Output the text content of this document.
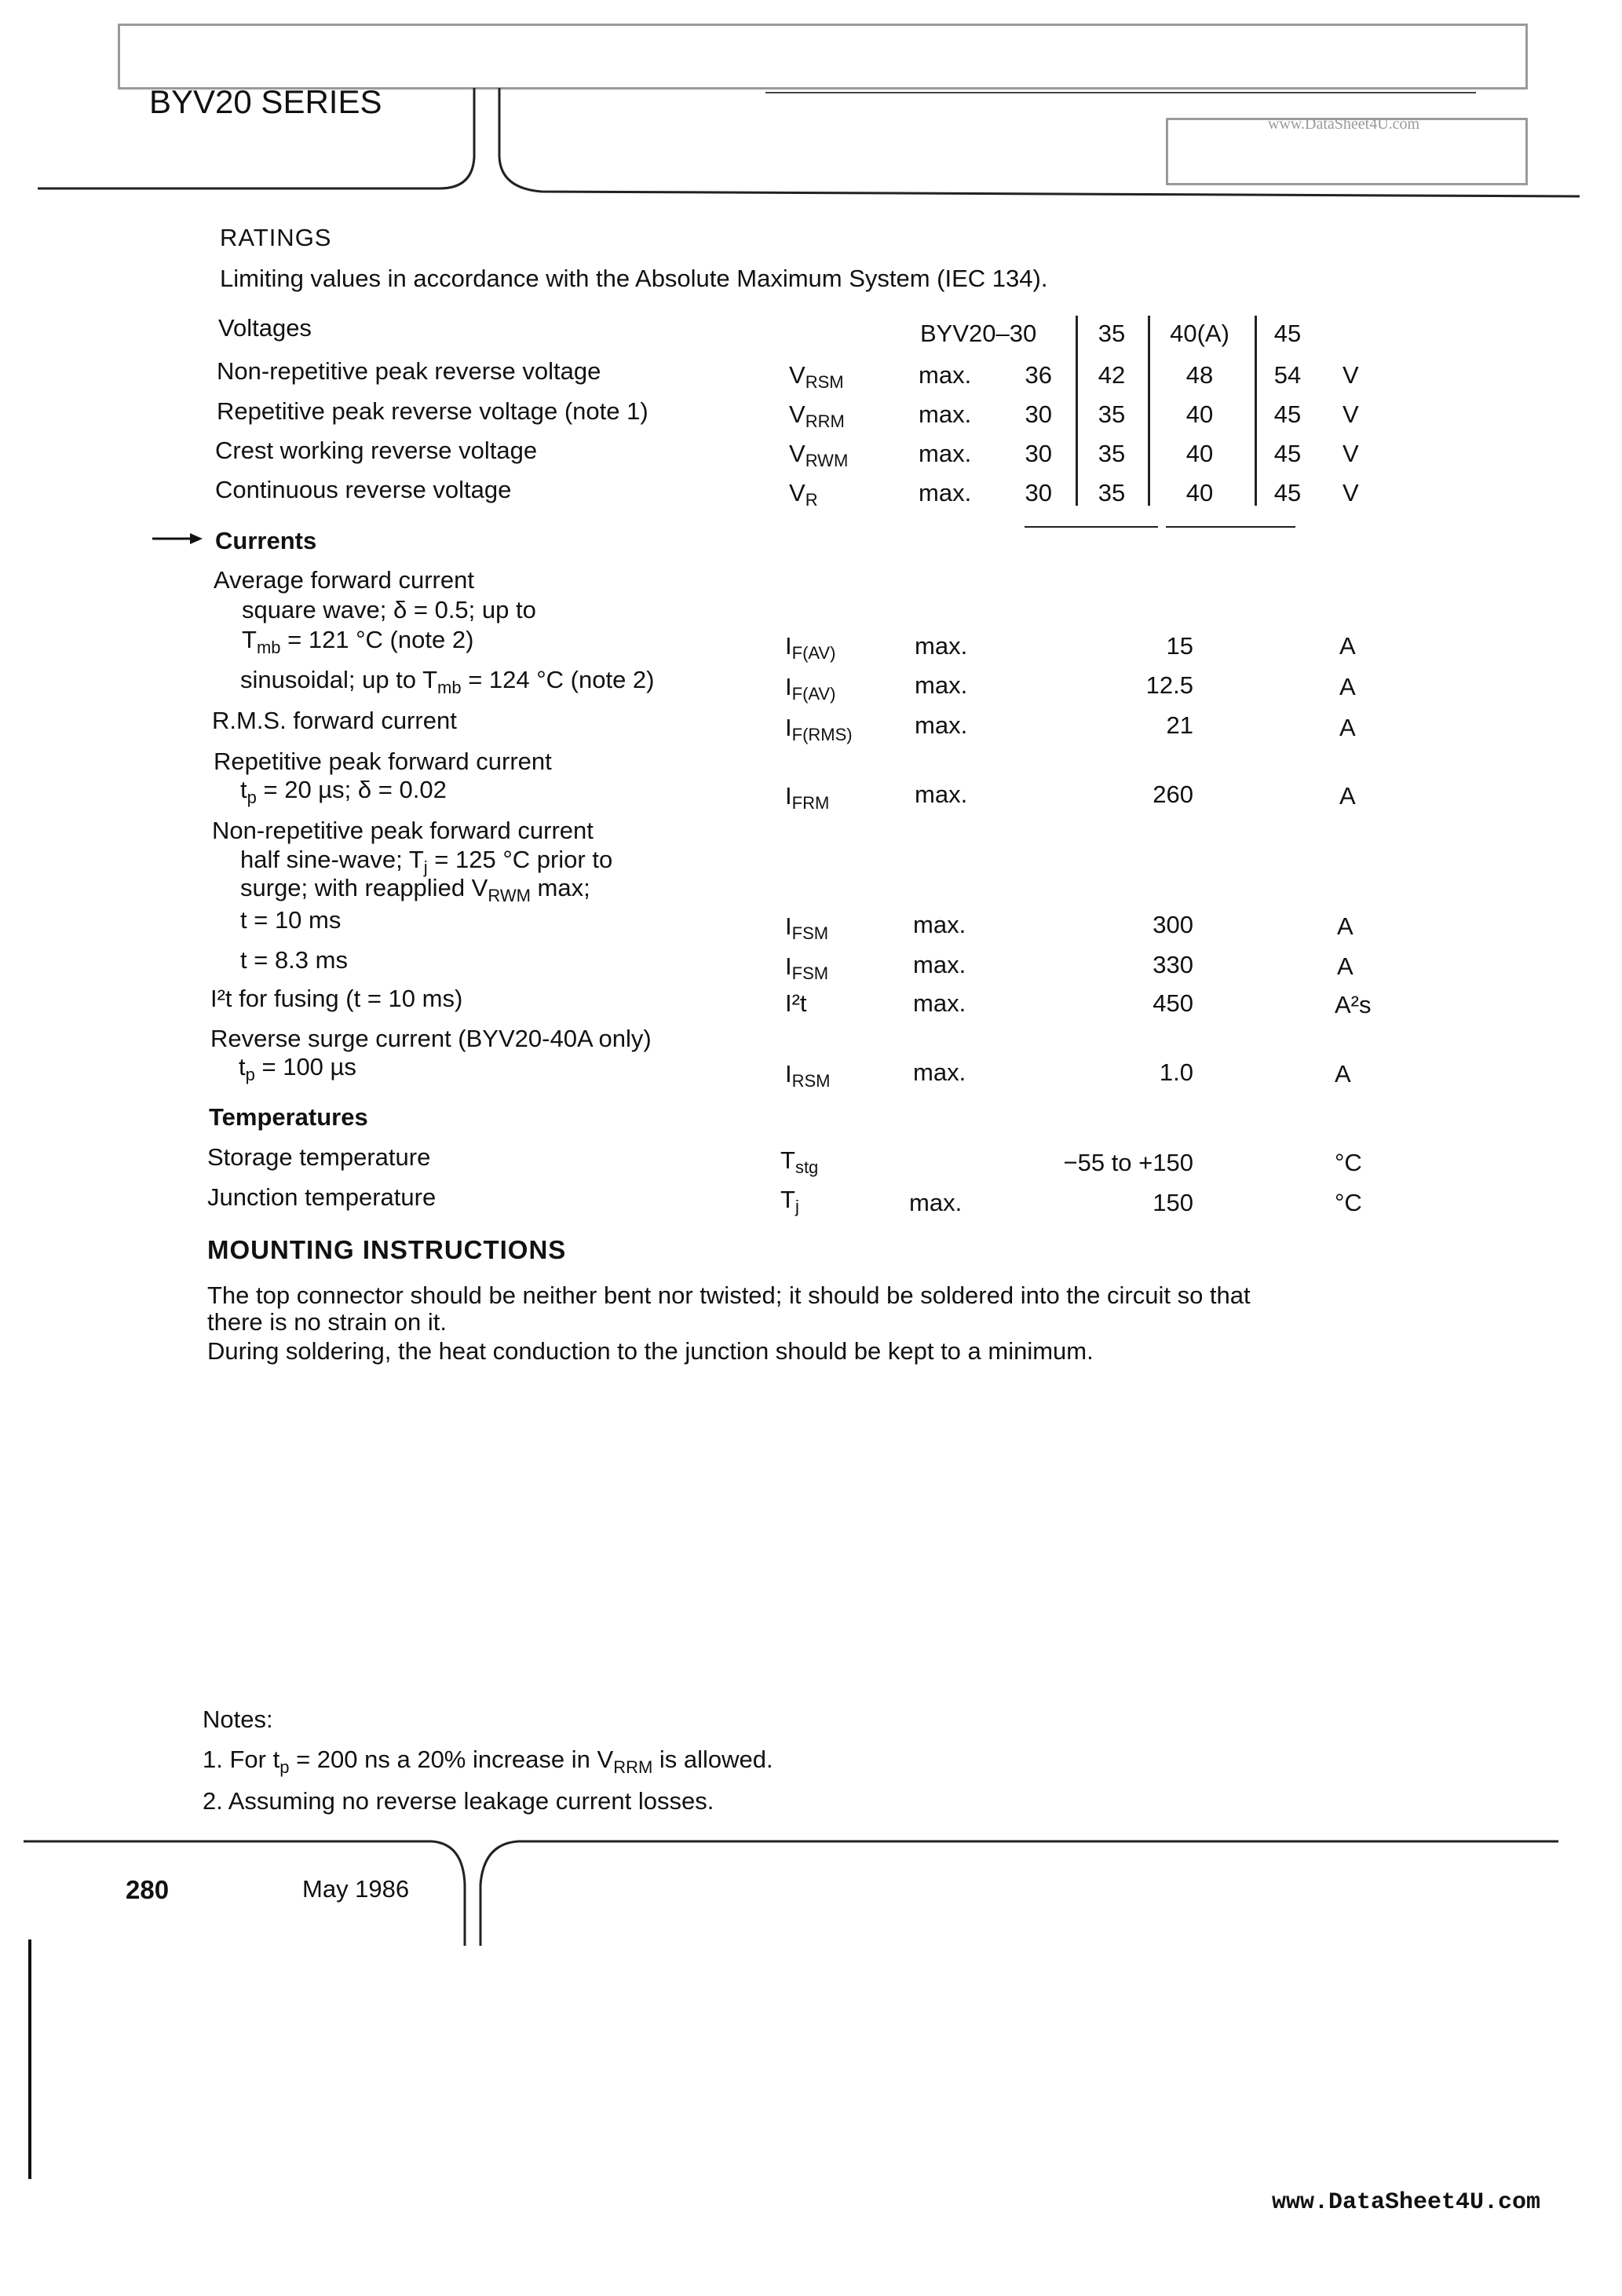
BYV20 SERIES
www.DataSheet4U.com
RATINGS
Limiting values in accordance with the Absolute Maximum System (IEC 134).
Voltages	BYV20–30	35	40(A)	45
Non-repetitive peak reverse voltage	$V_{RSM}$	max.	36	42	48	54	V
Repetitive peak reverse voltage (note 1)	$V_{RRM}$	max.	30	35	40	45	V
Crest working reverse voltage	$V_{RWM}$	max.	30	35	40	45	V
Continuous reverse voltage	$V_R$	max.	30	35	40	45	V
Currents
Average forward current
square wave; δ = 0.5; up to
$T_{mb} = 121$ °C (note 2)	$I_{F(AV)}$	max.	15	A
sinusoidal; up to $T_{mb} = 124$ °C (note 2)	$I_{F(AV)}$	max.	12.5	A
R.M.S. forward current	$I_{F(RMS)}$	max.	21	A
Repetitive peak forward current
$t_p = 20$ µs; δ = 0.02	$I_{FRM}$	max.	260	A
Non-repetitive peak forward current
half sine-wave; $T_j = 125$ °C prior to
surge; with reapplied $V_{RWM}$ max;
t = 10 ms	$I_{FSM}$	max.	300	A
t = 8.3 ms	$I_{FSM}$	max.	330	A
I²t for fusing (t = 10 ms)	I²t	max.	450	A²s
Reverse surge current (BYV20-40A only)
$t_p = 100$ µs	$I_{RSM}$	max.	1.0	A
Temperatures
Storage temperature	$T_{stg}$	−55 to +150	°C
Junction temperature	$T_j$	max.	150	°C
MOUNTING INSTRUCTIONS
The top connector should be neither bent nor twisted; it should be soldered into the circuit so that
there is no strain on it.
During soldering, the heat conduction to the junction should be kept to a minimum.
Notes:
1. For $t_p = 200$ ns a 20% increase in $V_{RRM}$ is allowed.
2. Assuming no reverse leakage current losses.
280	May 1986
www.DataSheet4U.com
